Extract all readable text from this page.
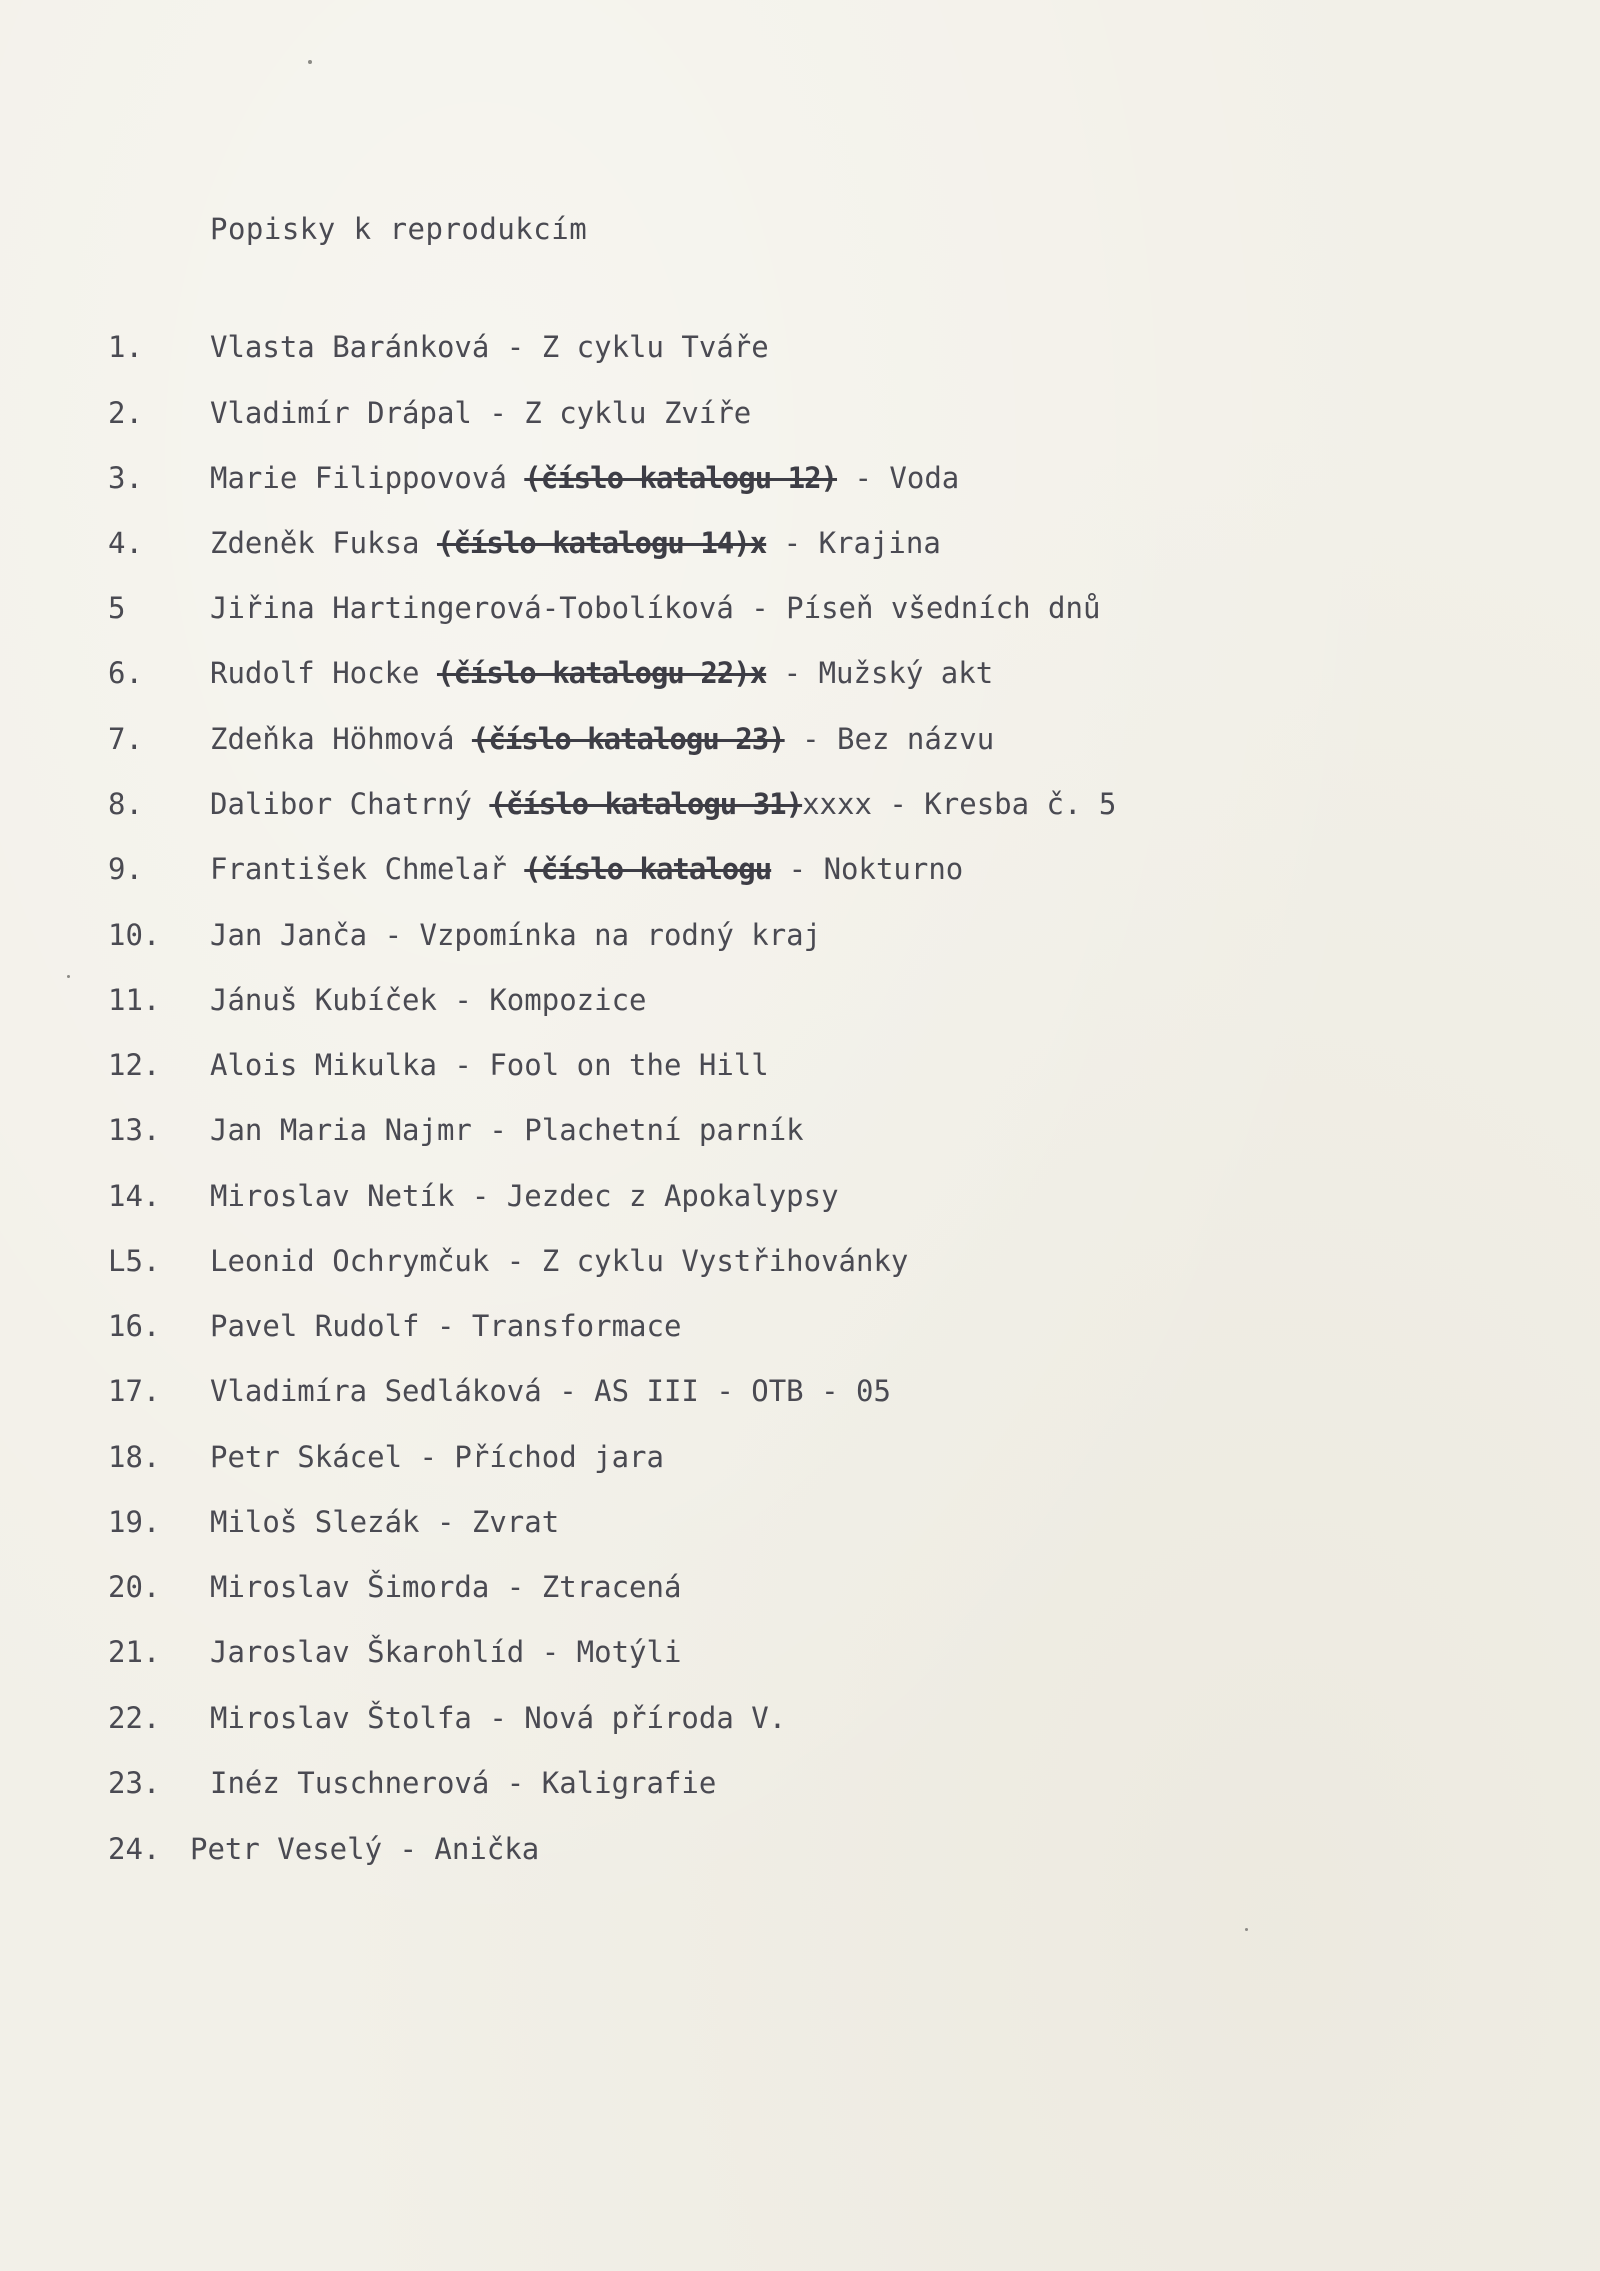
Popisky k reprodukcím
1. Vlasta Baránková - Z cyklu Tváře
2. Vladimír Drápal - Z cyklu Zvíře
3. Marie Filippovová (číslo katalogu 12) - Voda
4. Zdeněk Fuksa (číslo katalogu 14)x - Krajina
5	Jiřina Hartingerová-Tobolíková - Píseň všedních dnů
6. Rudolf Hocke (číslo katalogu 22)x - Mužský akt
7. Zdeňka Höhmová (číslo katalogu 23) - Bez názvu
8. Dalibor Chatrný (číslo katalogu 31)xxxx - Kresba č. 5
9. František Chmelař (číslo katalogu - Nokturno
10. Jan Janča - Vzpomínka na rodný kraj
11. Jánuš Kubíček - Kompozice
12. Alois Mikulka - Fool on the Hill
13. Jan Maria Najmr - Plachetní parník
14. Miroslav Netík - Jezdec z Apokalypsy
L5. Leonid Ochrymčuk - Z cyklu Vystřihovánky
16. Pavel Rudolf - Transformace
17. Vladimíra Sedláková - AS III - OTB - 05
18. Petr Skácel - Příchod jara
19. Miloš Slezák - Zvrat
20. Miroslav Šimorda - Ztracená
21. Jaroslav Škarohlíd - Motýli
22. Miroslav Štolfa - Nová příroda V.
23. Inéz Tuschnerová - Kaligrafie
24. Petr Veselý - Anička
